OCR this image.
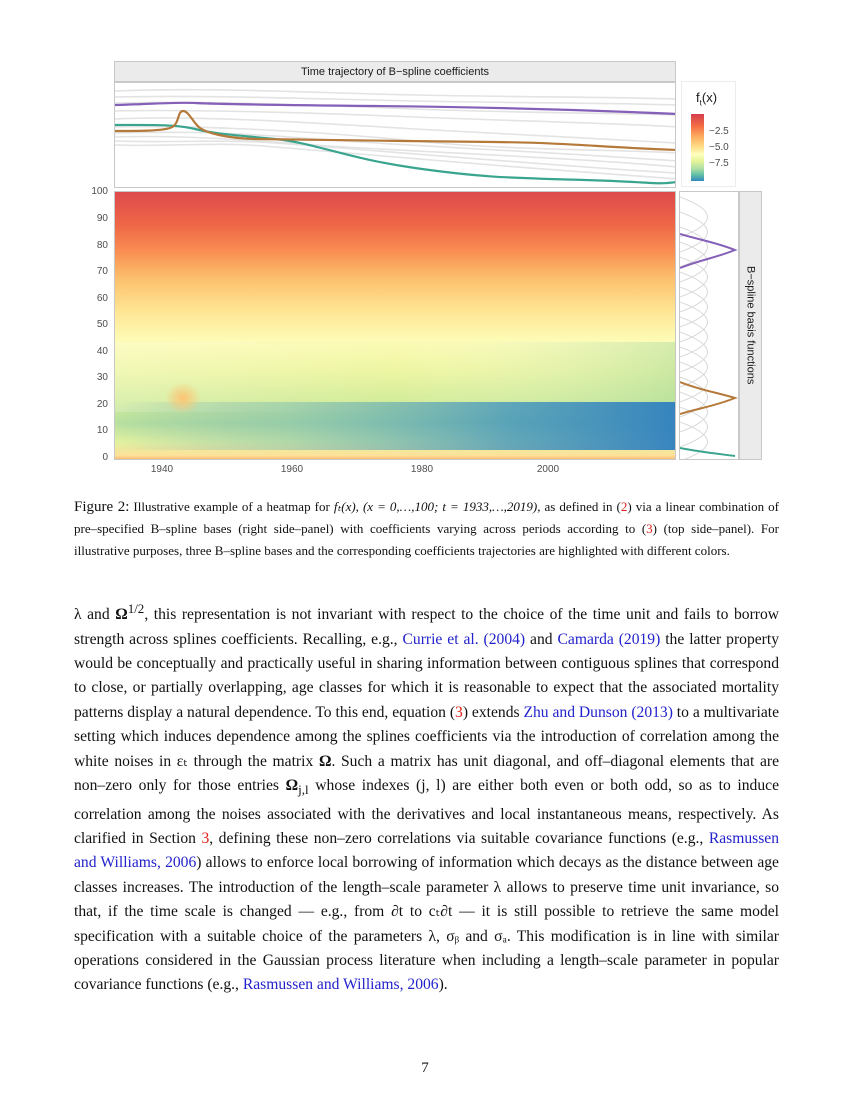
Time trajectory of B−spline coefficients
$f_t(x)$
−2.5
−5.0
−7.5
100
90
80
70
60
50
40
30
20
10
0
1940	1960	1980	2000
B−spline basis functions
Figure 2: Illustrative example of a heatmap for fₜ(x), (x = 0,…,100; t = 1933,…,2019), as defined in (2) via a linear combination of pre–specified B–spline bases (right side–panel) with coefficients varying across periods according to (3) (top side–panel). For illustrative purposes, three B–spline bases and the corresponding coefficients trajectories are highlighted with different colors.
λ and $\Omega^{1/2}$, this representation is not invariant with respect to the choice of the time unit and fails to borrow strength across splines coefficients. Recalling, e.g., Currie et al. (2004) and Camarda (2019) the latter property would be conceptually and practically useful in sharing information between contiguous splines that correspond to close, or partially overlapping, age classes for which it is reasonable to expect that the associated mortality patterns display a natural dependence. To this end, equation (3) extends Zhu and Dunson (2013) to a multivariate setting which induces dependence among the splines coefficients via the introduction of correlation among the white noises in εₜ through the matrix Ω. Such a matrix has unit diagonal, and off–diagonal elements that are non–zero only for those entries $\Omega_{j,l}$ whose indexes (j, l) are either both even or both odd, so as to induce correlation among the noises associated with the derivatives and local instantaneous means, respectively. As clarified in Section 3, defining these non–zero correlations via suitable covariance functions (e.g., Rasmussen and Williams, 2006) allows to enforce local borrowing of information which decays as the distance between age classes increases. The introduction of the length–scale parameter λ allows to preserve time unit invariance, so that, if the time scale is changed — e.g., from ∂t to cₜ∂t — it is still possible to retrieve the same model specification with a suitable choice of the parameters λ, σᵦ and σₐ. This modification is in line with similar operations considered in the Gaussian process literature when including a length–scale parameter in popular covariance functions (e.g., Rasmussen and Williams, 2006).
7
